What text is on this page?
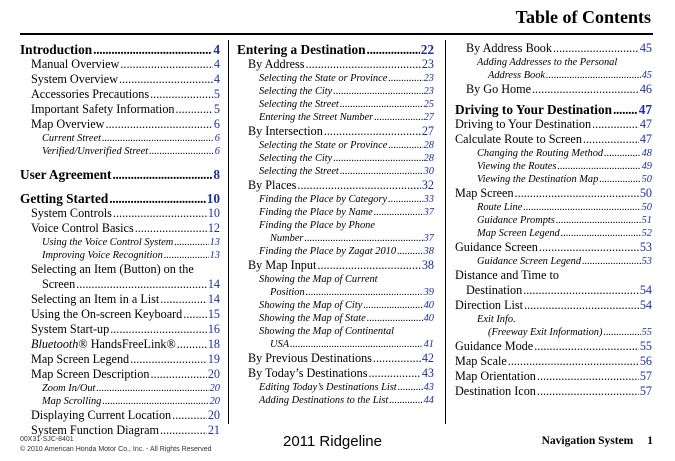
Table of Contents
Introduction .....	4
Manual Overview .....	4
System Overview .....	4
Accessories Precautions .....	5
Important Safety Information .....	5
Map Overview .....	6
Current Street .....	6
Verified/Unverified Street .....	6
User Agreement .....	8
Getting Started .....	10
System Controls .....	10
Voice Control Basics .....	12
Using the Voice Control System .....	13
Improving Voice Recognition .....	13
Selecting an Item (Button) on the
Screen .....	14
Selecting an Item in a List .....	14
Using the On-screen Keyboard ..... 15
System Start-up .....	16
Bluetooth® HandsFreeLink® .....	18
Map Screen Legend .....	19
Map Screen Description .....	20
Zoom In/Out .....	20
Map Scrolling .....	20
Displaying Current Location .....	20
System Function Diagram .....	21
Entering a Destination .....	22
By Address .....	23
Selecting the State or Province .....	23
Selecting the City .....	23
Selecting the Street .....	25
Entering the Street Number .....	27
By Intersection .....	27
Selecting the State or Province .....	28
Selecting the City .....	28
Selecting the Street .....	30
By Places .....	32
Finding the Place by Category .....	33
Finding the Place by Name .....	37
Finding the Place by Phone
Number .....	37
Finding the Place by Zagat 2010 .....	38
By Map Input .....	38
Showing the Map of Current
Position .....	39
Showing the Map of City .....	40
Showing the Map of State .....	40
Showing the Map of Continental
USA .....	41
By Previous Destinations .....	42
By Today’s Destinations .....	43
Editing Today’s Destinations List .....	43
Adding Destinations to the List .....	44
By Address Book .....	45
Adding Addresses to the Personal
Address Book .....	45
By Go Home .....	46
Driving to Your Destination ..... 47
Driving to Your Destination .....	47
Calculate Route to Screen .....	47
Changing the Routing Method .....	48
Viewing the Routes .....	49
Viewing the Destination Map .....	50
Map Screen .....	50
Route Line .....	50
Guidance Prompts .....	51
Map Screen Legend .....	52
Guidance Screen .....	53
Guidance Screen Legend .....	53
Distance and Time to
Destination .....	54
Direction List .....	54
Exit Info.
(Freeway Exit Information) .....	55
Guidance Mode .....	55
Map Scale .....	56
Map Orientation .....	57
Destination Icon .....	57
00X31-SJC-8401
© 2010 American Honda Motor Co., Inc. - All Rights Reserved	2011 Ridgeline	Navigation System 1
